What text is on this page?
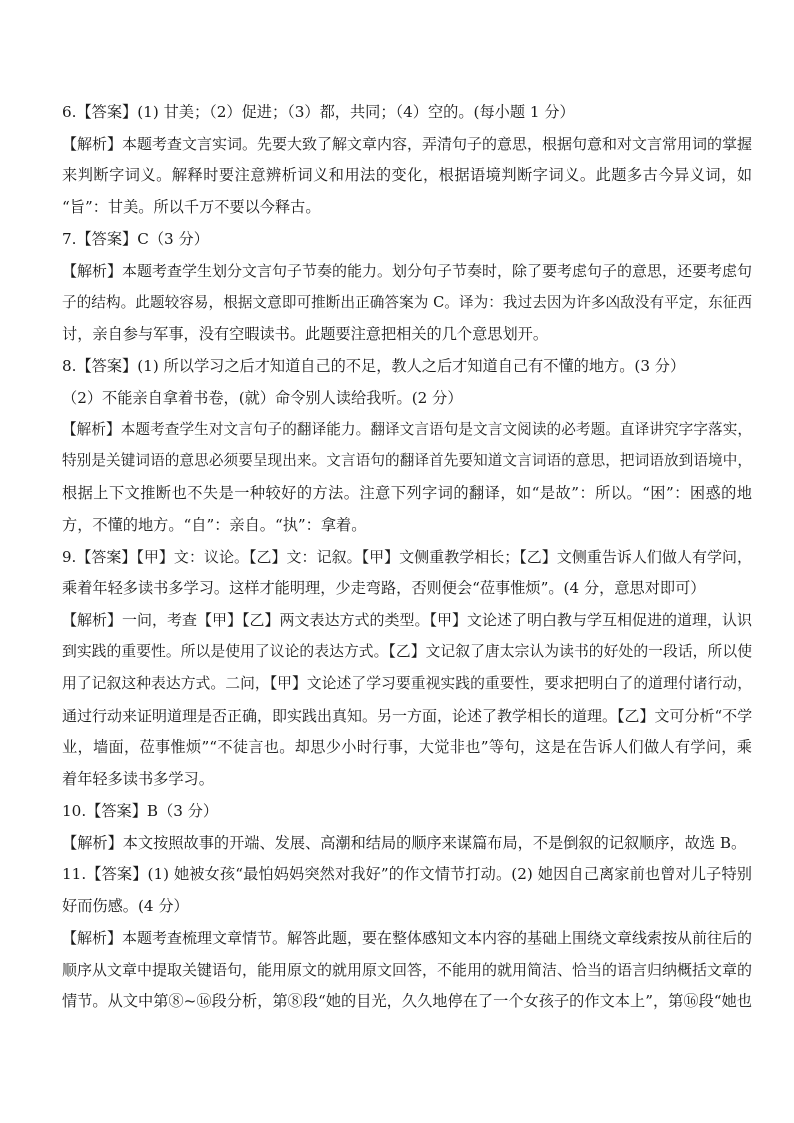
6.【答案】(1) 甘美；（2）促进；（3）都，共同；（4）空的。(每小题 1 分）
【解析】本题考查文言实词。先要大致了解文章内容，弄清句子的意思，根据句意和对文言常用词的掌握
来判断字词义。解释时要注意辨析词义和用法的变化，根据语境判断字词义。此题多古今异义词，如
“旨”：甘美。所以千万不要以今释古。
7.【答案】C（3 分）
【解析】本题考查学生划分文言句子节奏的能力。划分句子节奏时，除了要考虑句子的意思，还要考虑句
子的结构。此题较容易，根据文意即可推断出正确答案为 C。译为：我过去因为许多凶敌没有平定，东征西
讨，亲自参与军事，没有空暇读书。此题要注意把相关的几个意思划开。
8.【答案】(1) 所以学习之后才知道自己的不足，教人之后才知道自己有不懂的地方。(3 分）
（2）不能亲自拿着书卷，(就）命令别人读给我听。(2 分）
【解析】本题考查学生对文言句子的翻译能力。翻译文言语句是文言文阅读的必考题。直译讲究字字落实，
特别是关键词语的意思必须要呈现出来。文言语句的翻译首先要知道文言词语的意思，把词语放到语境中，
根据上下文推断也不失是一种较好的方法。注意下列字词的翻译，如“是故”：所以。“困”：困惑的地
方，不懂的地方。“自”：亲自。“执”：拿着。
9.【答案】【甲】文：议论。【乙】文：记叙。【甲】文侧重教学相长；【乙】文侧重告诉人们做人有学问，
乘着年轻多读书多学习。这样才能明理，少走弯路，否则便会“莅事惟烦”。(4 分，意思对即可）
【解析】一问，考查【甲】【乙】两文表达方式的类型。【甲】文论述了明白教与学互相促进的道理，认识
到实践的重要性。所以是使用了议论的表达方式。【乙】文记叙了唐太宗认为读书的好处的一段话，所以使
用了记叙这种表达方式。二问，【甲】文论述了学习要重视实践的重要性，要求把明白了的道理付诸行动，
通过行动来证明道理是否正确，即实践出真知。另一方面，论述了教学相长的道理。【乙】文可分析“不学
业，墙面，莅事惟烦”“不徒言也。却思少小时行事，大觉非也”等句，这是在告诉人们做人有学问，乘
着年轻多读书多学习。
10.【答案】B（3 分）
【解析】本文按照故事的开端、发展、高潮和结局的顺序来谋篇布局，不是倒叙的记叙顺序，故选 B。
11.【答案】(1) 她被女孩“最怕妈妈突然对我好”的作文情节打动。(2) 她因自己离家前也曾对儿子特别
好而伤感。(4 分）
【解析】本题考查梳理文章情节。解答此题，要在整体感知文本内容的基础上围绕文章线索按从前往后的
顺序从文章中提取关键语句，能用原文的就用原文回答，不能用的就用简洁、恰当的语言归纳概括文章的
情节。从文中第⑧~⑯段分析，第⑧段“她的目光，久久地停在了一个女孩子的作文本上”，第⑯段“她也
